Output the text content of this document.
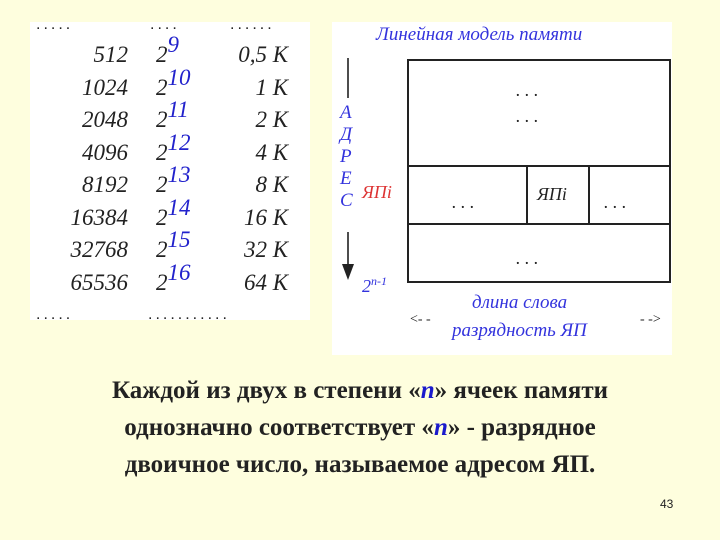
.....	....	......
512 $2^9$	0,5 К
1024 $2^{10}$	1 К
2048 $2^{11}$	2 К
4096 $2^{12}$	4 К
8192 $2^{13}$	8 К
16384 $2^{14}$ 16 К
32768 $2^{15}$ 32 К
65536 $2^{16}$ 64 К
.....	...........
Линейная модель памяти
А
Д
Р
Е
С ЯПi
2$^{n-1}$
. . .
. . .
. . .	ЯПi . . .
. . .
длина слова
разрядность ЯП
<- -	- ->
Каждой из двух в степени «n» ячеек памяти
однозначно соответствует «n» - разрядное
двоичное число, называемое адресом ЯП.
43
